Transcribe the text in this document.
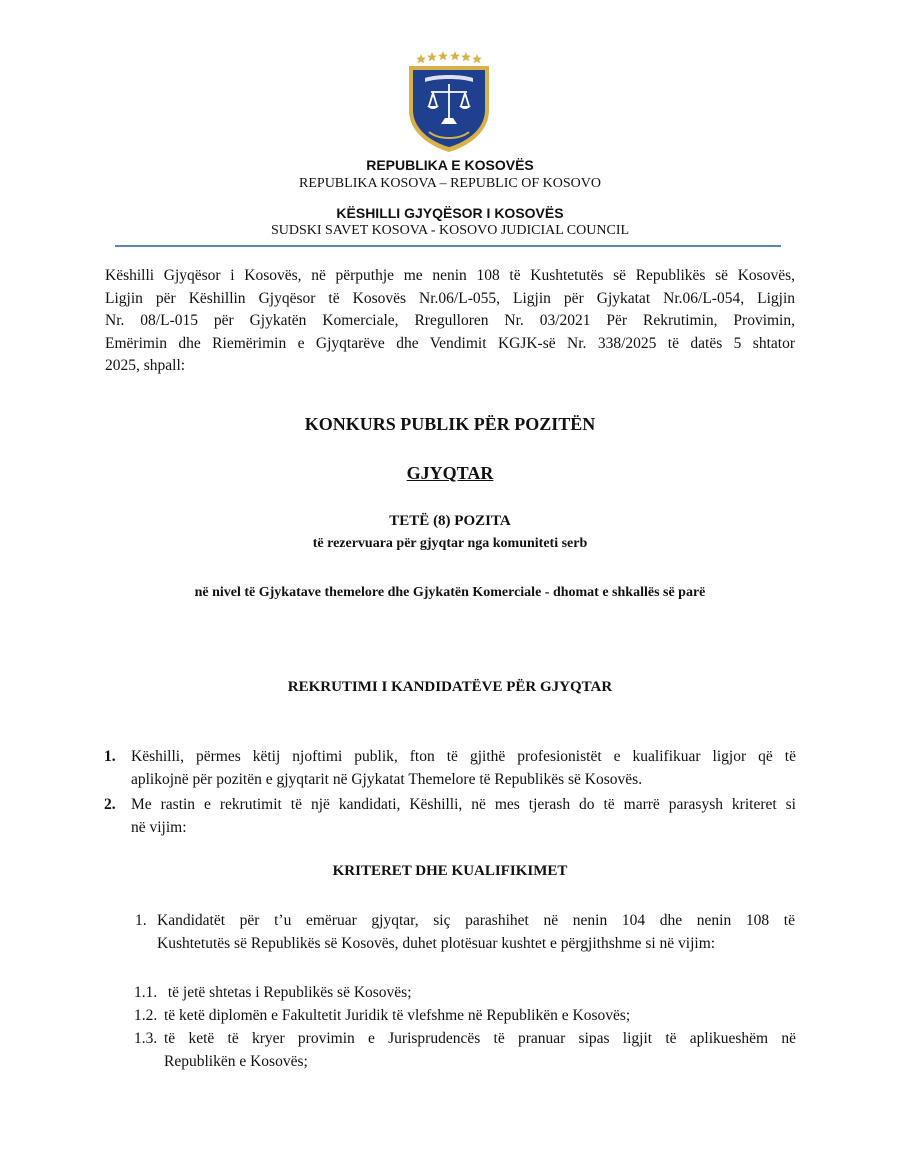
REPUBLIKA E KOSOVËS
REPUBLIKA KOSOVA – REPUBLIC OF KOSOVO
KËSHILLI GJYQËSOR I KOSOVËS
SUDSKI SAVET KOSOVA - KOSOVO JUDICIAL COUNCIL
Këshilli Gjyqësor i Kosovës, në përputhje me nenin 108 të Kushtetutës së Republikës së Kosovës,
Ligjin për Këshillin Gjyqësor të Kosovës Nr.06/L-055, Ligjin për Gjykatat Nr.06/L-054, Ligjin
Nr. 08/L-015 për Gjykatën Komerciale, Rregulloren Nr. 03/2021 Për Rekrutimin, Provimin,
Emërimin dhe Riemërimin e Gjyqtarëve dhe Vendimit KGJK-së Nr. 338/2025 të datës 5 shtator
2025, shpall:
KONKURS PUBLIK PËR POZITËN
GJYQTAR
TETË (8) POZITA
të rezervuara për gjyqtar nga komuniteti serb
në nivel të Gjykatave themelore dhe Gjykatën Komerciale - dhomat e shkallës së parë
REKRUTIMI I KANDIDATËVE PËR GJYQTAR
1. Këshilli, përmes këtij njoftimi publik, fton të gjithë profesionistët e kualifikuar ligjor që të
aplikojnë për pozitën e gjyqtarit në Gjykatat Themelore të Republikës së Kosovës.
2. Me rastin e rekrutimit të një kandidati, Këshilli, në mes tjerash do të marrë parasysh kriteret si
në vijim:
KRITERET DHE KUALIFIKIMET
1. Kandidatët për t’u emëruar gjyqtar, siç parashihet në nenin 104 dhe nenin 108 të
Kushtetutës së Republikës së Kosovës, duhet plotësuar kushtet e përgjithshme si në vijim:
1.1. të jetë shtetas i Republikës së Kosovës;
1.2. të ketë diplomën e Fakultetit Juridik të vlefshme në Republikën e Kosovës;
1.3. të ketë të kryer provimin e Jurisprudencës të pranuar sipas ligjit të aplikueshëm në
Republikën e Kosovës;
